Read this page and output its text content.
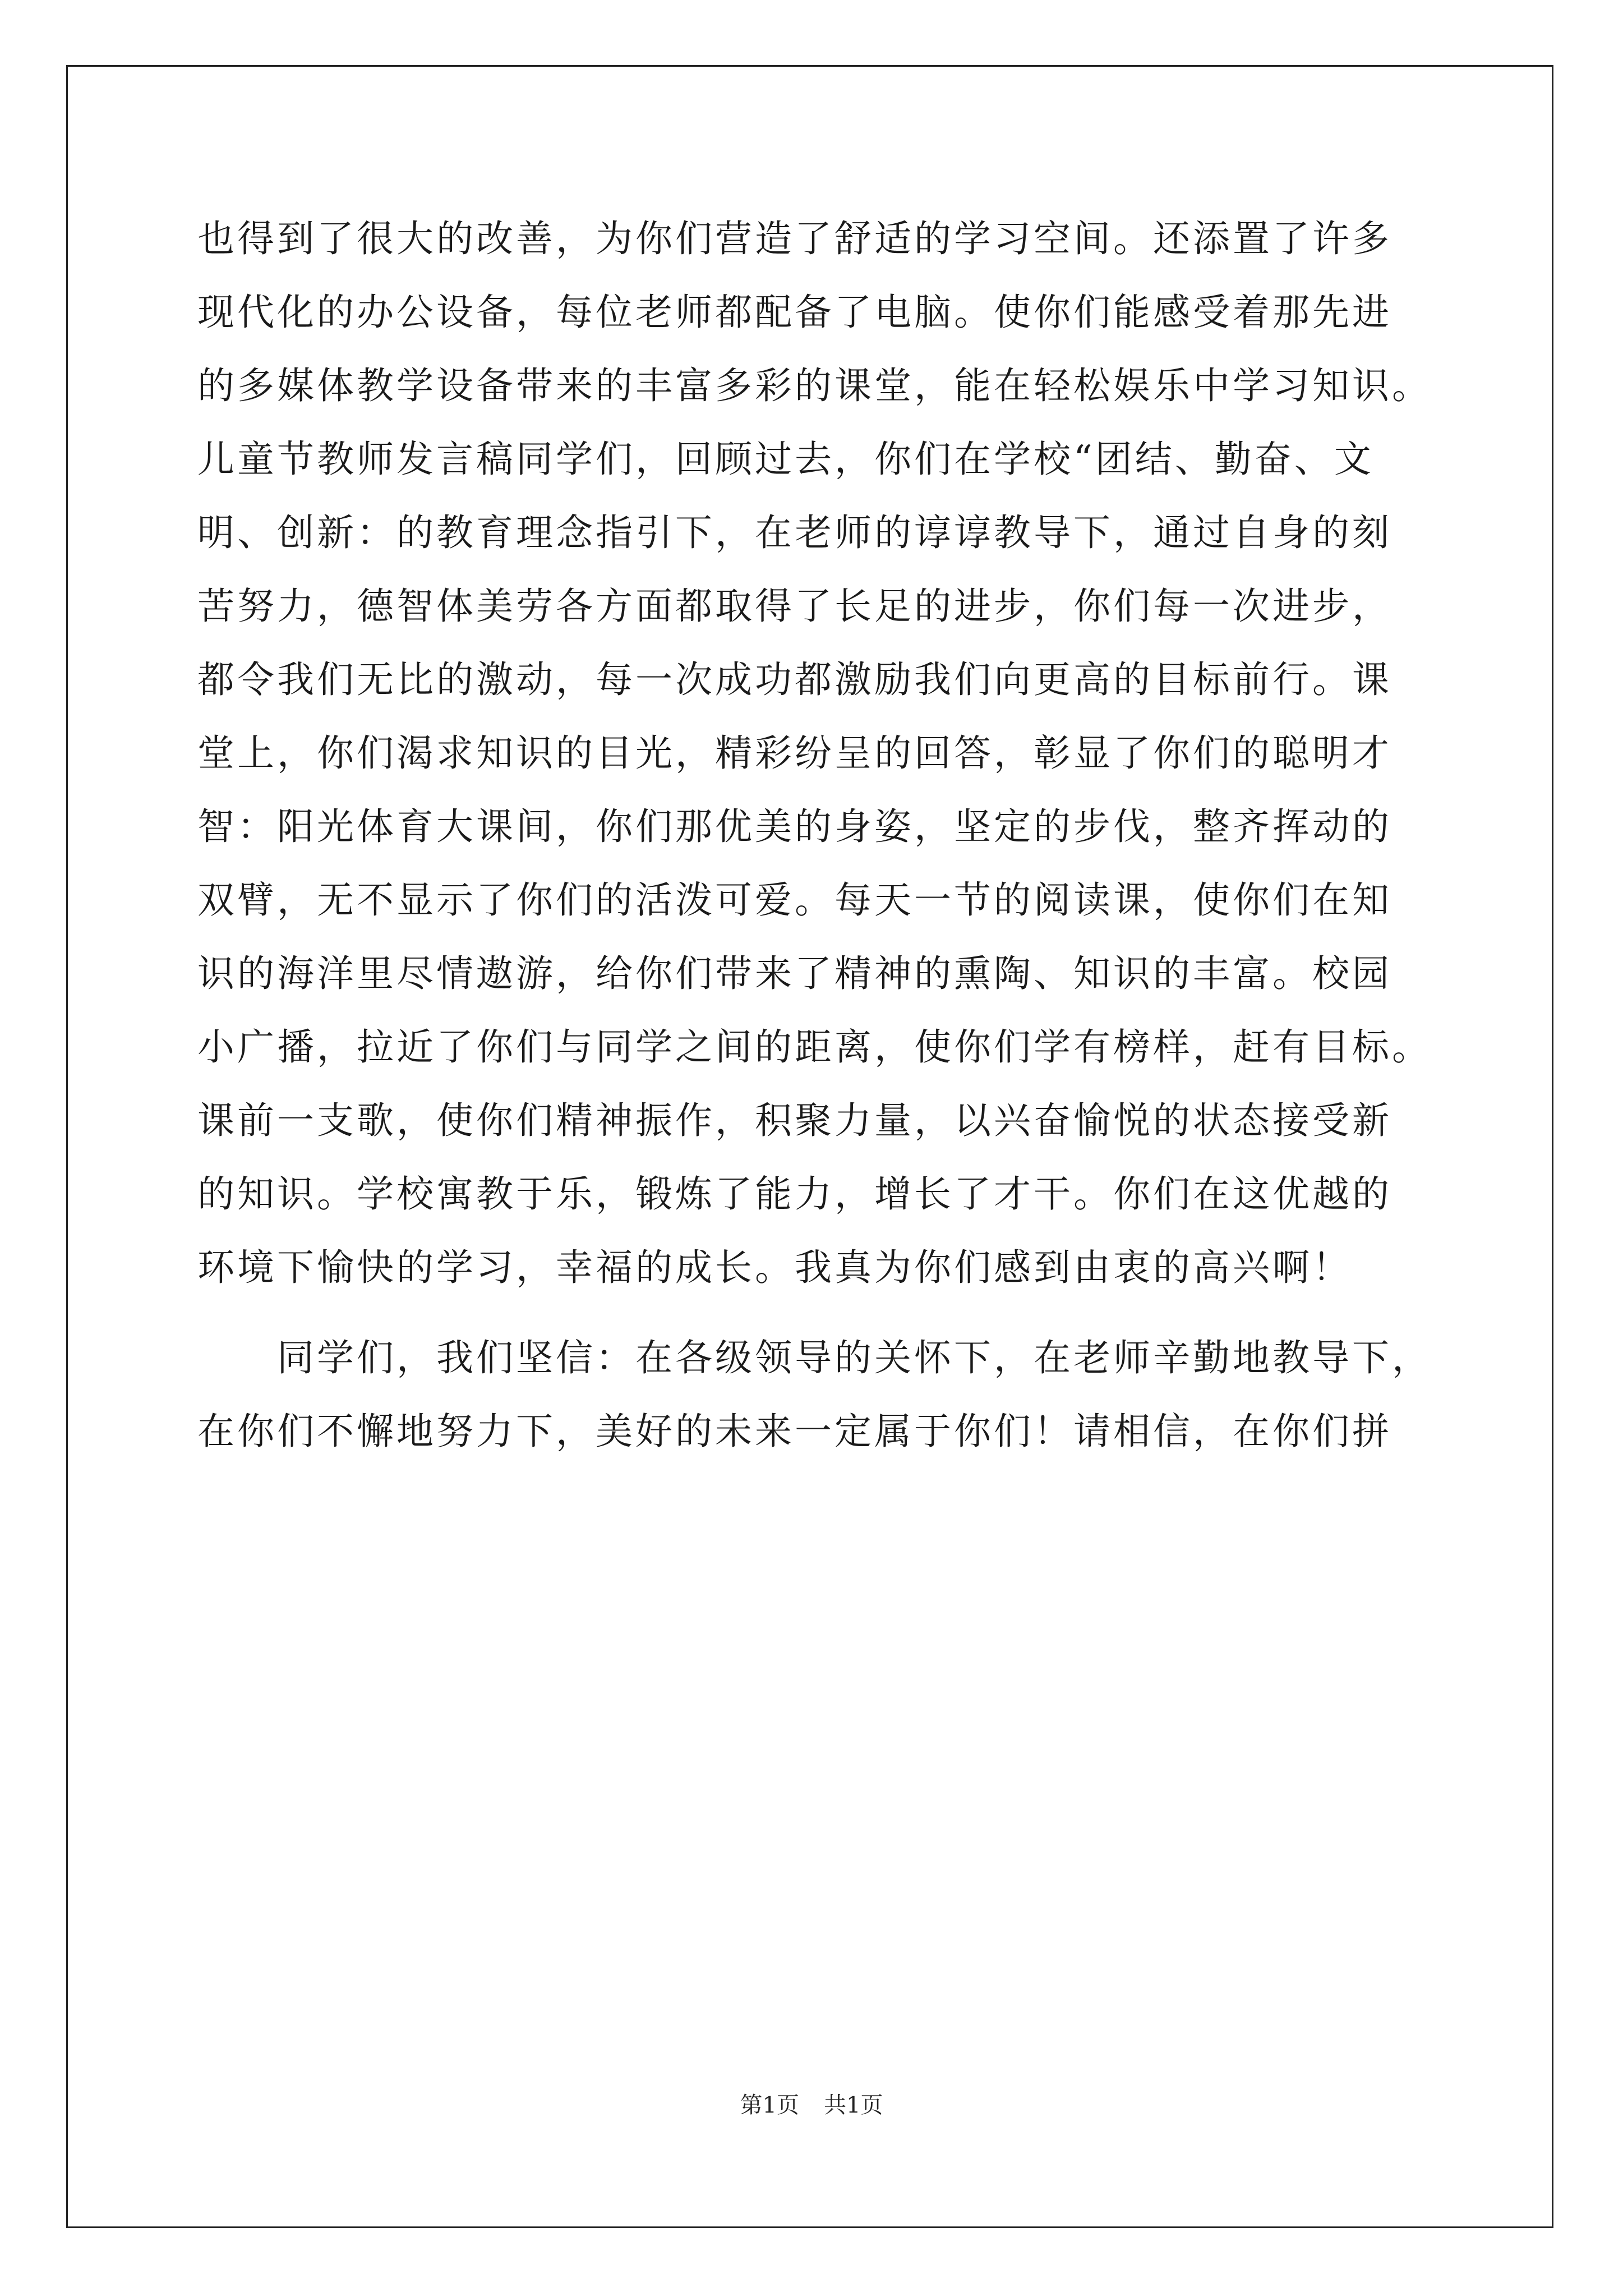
也得到了很大的改善，为你们营造了舒适的学习空间。还添置了许多
现代化的办公设备，每位老师都配备了电脑。使你们能感受着那先进
的多媒体教学设备带来的丰富多彩的课堂，能在轻松娱乐中学习知识。
儿童节教师发言稿同学们，回顾过去，你们在学校“团结、勤奋、文
明、创新：的教育理念指引下，在老师的谆谆教导下，通过自身的刻
苦努力，德智体美劳各方面都取得了长足的进步，你们每一次进步，
都令我们无比的激动，每一次成功都激励我们向更高的目标前行。课
堂上，你们渴求知识的目光，精彩纷呈的回答，彰显了你们的聪明才
智：阳光体育大课间，你们那优美的身姿，坚定的步伐，整齐挥动的
双臂，无不显示了你们的活泼可爱。每天一节的阅读课，使你们在知
识的海洋里尽情遨游，给你们带来了精神的熏陶、知识的丰富。校园
小广播，拉近了你们与同学之间的距离，使你们学有榜样，赶有目标。
课前一支歌，使你们精神振作，积聚力量，以兴奋愉悦的状态接受新
的知识。学校寓教于乐，锻炼了能力，增长了才干。你们在这优越的
环境下愉快的学习，幸福的成长。我真为你们感到由衷的高兴啊！
　　同学们，我们坚信：在各级领导的关怀下，在老师辛勤地教导下，
在你们不懈地努力下，美好的未来一定属于你们！请相信，在你们拼
第1页 共1页
